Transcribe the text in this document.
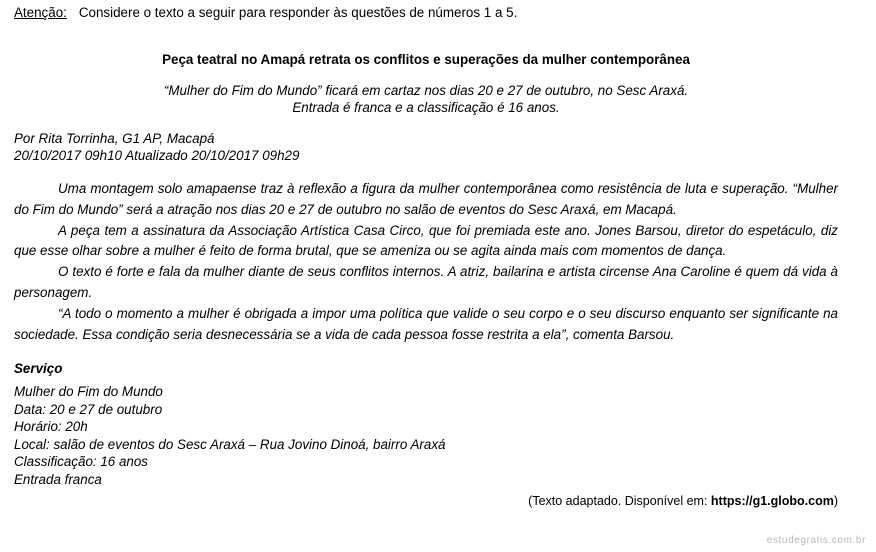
Atenção: Considere o texto a seguir para responder às questões de números 1 a 5.
Peça teatral no Amapá retrata os conflitos e superações da mulher contemporânea
“Mulher do Fim do Mundo” ficará em cartaz nos dias 20 e 27 de outubro, no Sesc Araxá.
Entrada é franca e a classificação é 16 anos.
Por Rita Torrinha, G1 AP, Macapá
20/10/2017 09h10 Atualizado 20/10/2017 09h29

Uma montagem solo amapaense traz à reflexão a figura da mulher contemporânea como resistência de luta e superação. “Mulher do Fim do Mundo” será a atração nos dias 20 e 27 de outubro no salão de eventos do Sesc Araxá, em Macapá.

A peça tem a assinatura da Associação Artística Casa Circo, que foi premiada este ano. Jones Barsou, diretor do espetáculo, diz que esse olhar sobre a mulher é feito de forma brutal, que se ameniza ou se agita ainda mais com momentos de dança.

O texto é forte e fala da mulher diante de seus conflitos internos. A atriz, bailarina e artista circense Ana Caroline é quem dá vida à personagem.

“A todo o momento a mulher é obrigada a impor uma política que valide o seu corpo e o seu discurso enquanto ser significante na sociedade. Essa condição seria desnecessária se a vida de cada pessoa fosse restrita a ela”, comenta Barsou.

Serviço
Mulher do Fim do Mundo
Data: 20 e 27 de outubro
Horário: 20h
Local: salão de eventos do Sesc Araxá – Rua Jovino Dinoá, bairro Araxá
Classificação: 16 anos
Entrada franca
(Texto adaptado. Disponível em: https://g1.globo.com)
estudegratis.com.br
